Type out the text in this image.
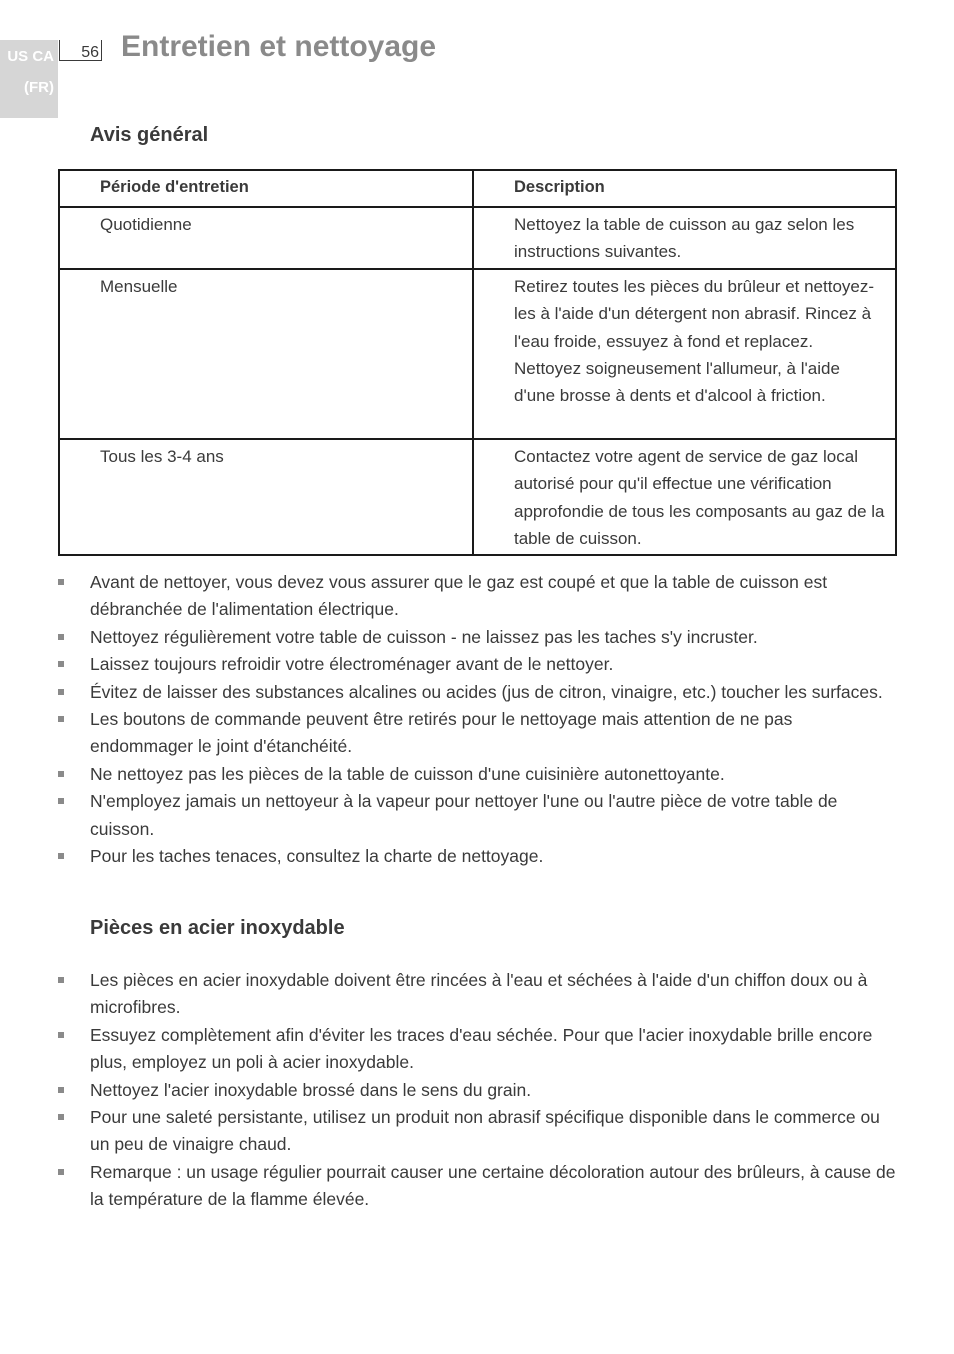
US CA
(FR)
56 Entretien et nettoyage
Avis général
Période d'entretien	Description
Quotidienne	Nettoyez la table de cuisson au gaz selon les instructions suivantes.

Mensuelle	Retirez toutes les pièces du brûleur et nettoyez-les à l'aide d'un détergent non abrasif. Rincez à l'eau froide, essuyez à fond et replacez.
Nettoyez soigneusement l'allumeur, à l'aide d'une brosse à dents et d'alcool à friction.

Tous les 3-4 ans	Contactez votre agent de service de gaz local autorisé pour qu'il effectue une vérification approfondie de tous les composants au gaz de la table de cuisson.
Avant de nettoyer, vous devez vous assurer que le gaz est coupé et que la table de cuisson est débranchée de l'alimentation électrique.
Nettoyez régulièrement votre table de cuisson - ne laissez pas les taches s'y incruster.
Laissez toujours refroidir votre électroménager avant de le nettoyer.
Évitez de laisser des substances alcalines ou acides (jus de citron, vinaigre, etc.) toucher les surfaces.
Les boutons de commande peuvent être retirés pour le nettoyage mais attention de ne pas endommager le joint d'étanchéité.
Ne nettoyez pas les pièces de la table de cuisson d'une cuisinière autonettoyante.
N'employez jamais un nettoyeur à la vapeur pour nettoyer l'une ou l'autre pièce de votre table de cuisson.
Pour les taches tenaces, consultez la charte de nettoyage.
Pièces en acier inoxydable
Les pièces en acier inoxydable doivent être rincées à l'eau et séchées à l'aide d'un chiffon doux ou à microfibres.
Essuyez complètement afin d'éviter les traces d'eau séchée. Pour que l'acier inoxydable brille encore plus, employez un poli à acier inoxydable.
Nettoyez l'acier inoxydable brossé dans le sens du grain.
Pour une saleté persistante, utilisez un produit non abrasif spécifique disponible dans le commerce ou un peu de vinaigre chaud.
Remarque : un usage régulier pourrait causer une certaine décoloration autour des brûleurs, à cause de la température de la flamme élevée.
